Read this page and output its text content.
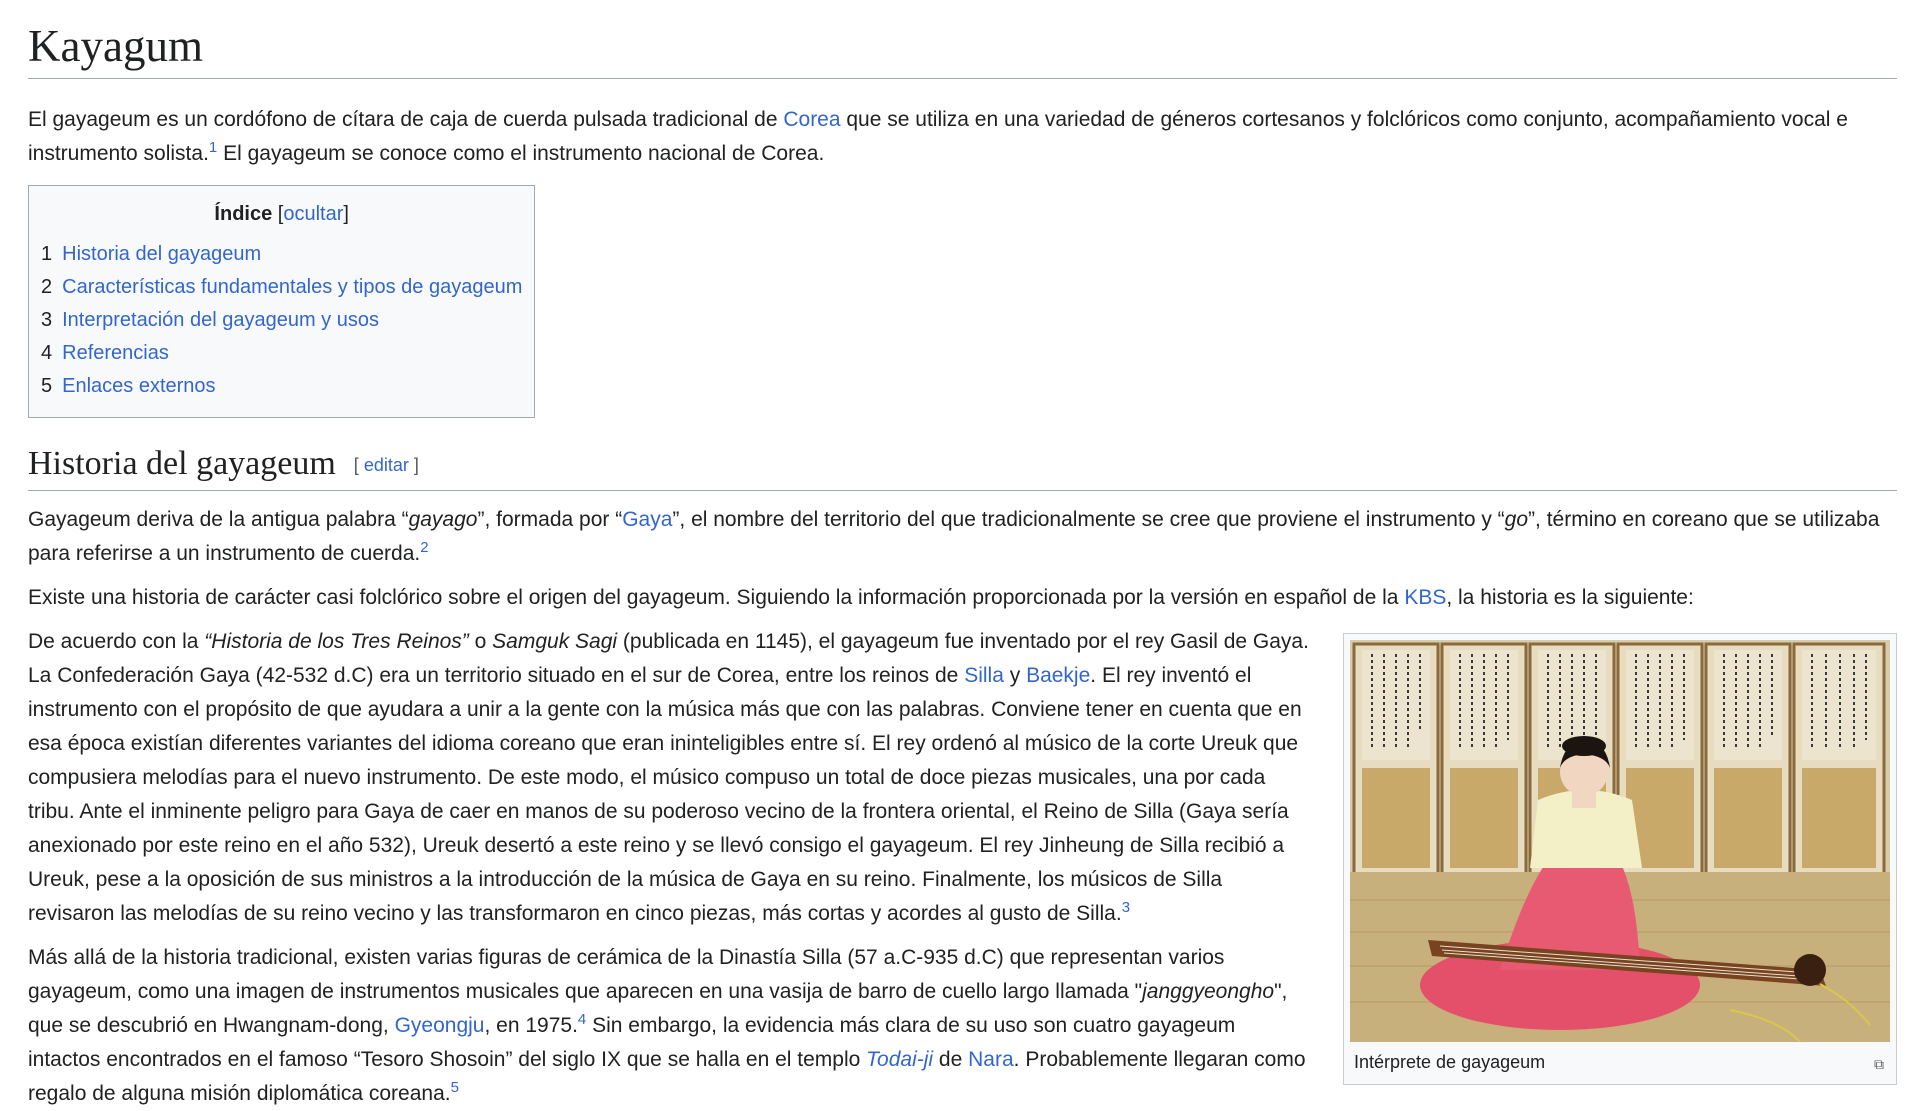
Kayagum

El gayageum es un cordófono de cítara de caja de cuerda pulsada tradicional de Corea que se utiliza en una variedad de géneros cortesanos y folclóricos como conjunto, acompañamiento vocal e instrumento solista.$^1$ El gayageum se conoce como el instrumento nacional de Corea.

Índice [ocultar]
1 Historia del gayageum
2 Características fundamentales y tipos de gayageum
3 Interpretación del gayageum y usos
4 Referencias
5 Enlaces externos
Historia del gayageum [ editar ]

Gayageum deriva de la antigua palabra “gayago”, formada por “Gaya”, el nombre del territorio del que tradicionalmente se cree que proviene el instrumento y “go”, término en coreano que se utilizaba para referirse a un instrumento de cuerda.$^2$

Existe una historia de carácter casi folclórico sobre el origen del gayageum. Siguiendo la información proporcionada por la versión en español de la KBS, la historia es la siguiente:

Intérprete de gayageum	⧉

De acuerdo con la “Historia de los Tres Reinos” o Samguk Sagi (publicada en 1145), el gayageum fue inventado por el rey Gasil de Gaya. La Confederación Gaya (42-532 d.C) era un territorio situado en el sur de Corea, entre los reinos de Silla y Baekje. El rey inventó el instrumento con el propósito de que ayudara a unir a la gente con la música más que con las palabras. Conviene tener en cuenta que en esa época existían diferentes variantes del idioma coreano que eran ininteligibles entre sí. El rey ordenó al músico de la corte Ureuk que compusiera melodías para el nuevo instrumento. De este modo, el músico compuso un total de doce piezas musicales, una por cada tribu. Ante el inminente peligro para Gaya de caer en manos de su poderoso vecino de la frontera oriental, el Reino de Silla (Gaya sería anexionado por este reino en el año 532), Ureuk desertó a este reino y se llevó consigo el gayageum. El rey Jinheung de Silla recibió a Ureuk, pese a la oposición de sus ministros a la introducción de la música de Gaya en su reino. Finalmente, los músicos de Silla revisaron las melodías de su reino vecino y las transformaron en cinco piezas, más cortas y acordes al gusto de Silla.$^3$

Más allá de la historia tradicional, existen varias figuras de cerámica de la Dinastía Silla (57 a.C-935 d.C) que representan varios gayageum, como una imagen de instrumentos musicales que aparecen en una vasija de barro de cuello largo llamada "janggyeongho", que se descubrió en Hwangnam-dong, Gyeongju, en 1975.$^4$ Sin embargo, la evidencia más clara de su uso son cuatro gayageum intactos encontrados en el famoso “Tesoro Shosoin” del siglo IX que se halla en el templo Todai-ji de Nara. Probablemente llegaran como regalo de alguna misión diplomática coreana.$^5$
